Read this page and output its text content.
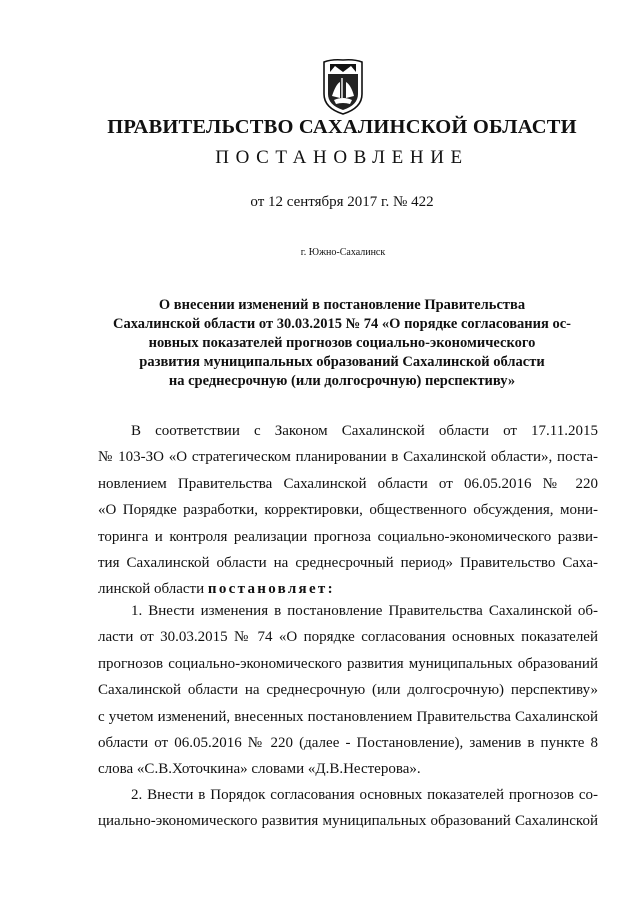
ПРАВИТЕЛЬСТВО САХАЛИНСКОЙ ОБЛАСТИ
ПОСТАНОВЛЕНИЕ
от 12 сентября 2017 г. № 422
г. Южно-Сахалинск
О внесении изменений в постановление Правительства
Сахалинской области от 30.03.2015 № 74 «О порядке согласования ос-
новных показателей прогнозов социально-экономического
развития муниципальных образований Сахалинской области
на среднесрочную (или долгосрочную) перспективу»
В соответствии с Законом Сахалинской области от 17.11.2015
№ 103-ЗО «О стратегическом планировании в Сахалинской области», поста-
новлением Правительства Сахалинской области от 06.05.2016 № 220
«О Порядке разработки, корректировки, общественного обсуждения, мони-
торинга и контроля реализации прогноза социально-экономического разви-
тия Сахалинской области на среднесрочный период» Правительство Саха-
линской области постановляет:
1. Внести изменения в постановление Правительства Сахалинской об-
ласти от 30.03.2015 № 74 «О порядке согласования основных показателей
прогнозов социально-экономического развития муниципальных образований
Сахалинской области на среднесрочную (или долгосрочную) перспективу»
с учетом изменений, внесенных постановлением Правительства Сахалинской
области от 06.05.2016 № 220 (далее - Постановление), заменив в пункте 8
слова «С.В.Хоточкина» словами «Д.В.Нестерова».
2. Внести в Порядок согласования основных показателей прогнозов со-
циально-экономического развития муниципальных образований Сахалинской
